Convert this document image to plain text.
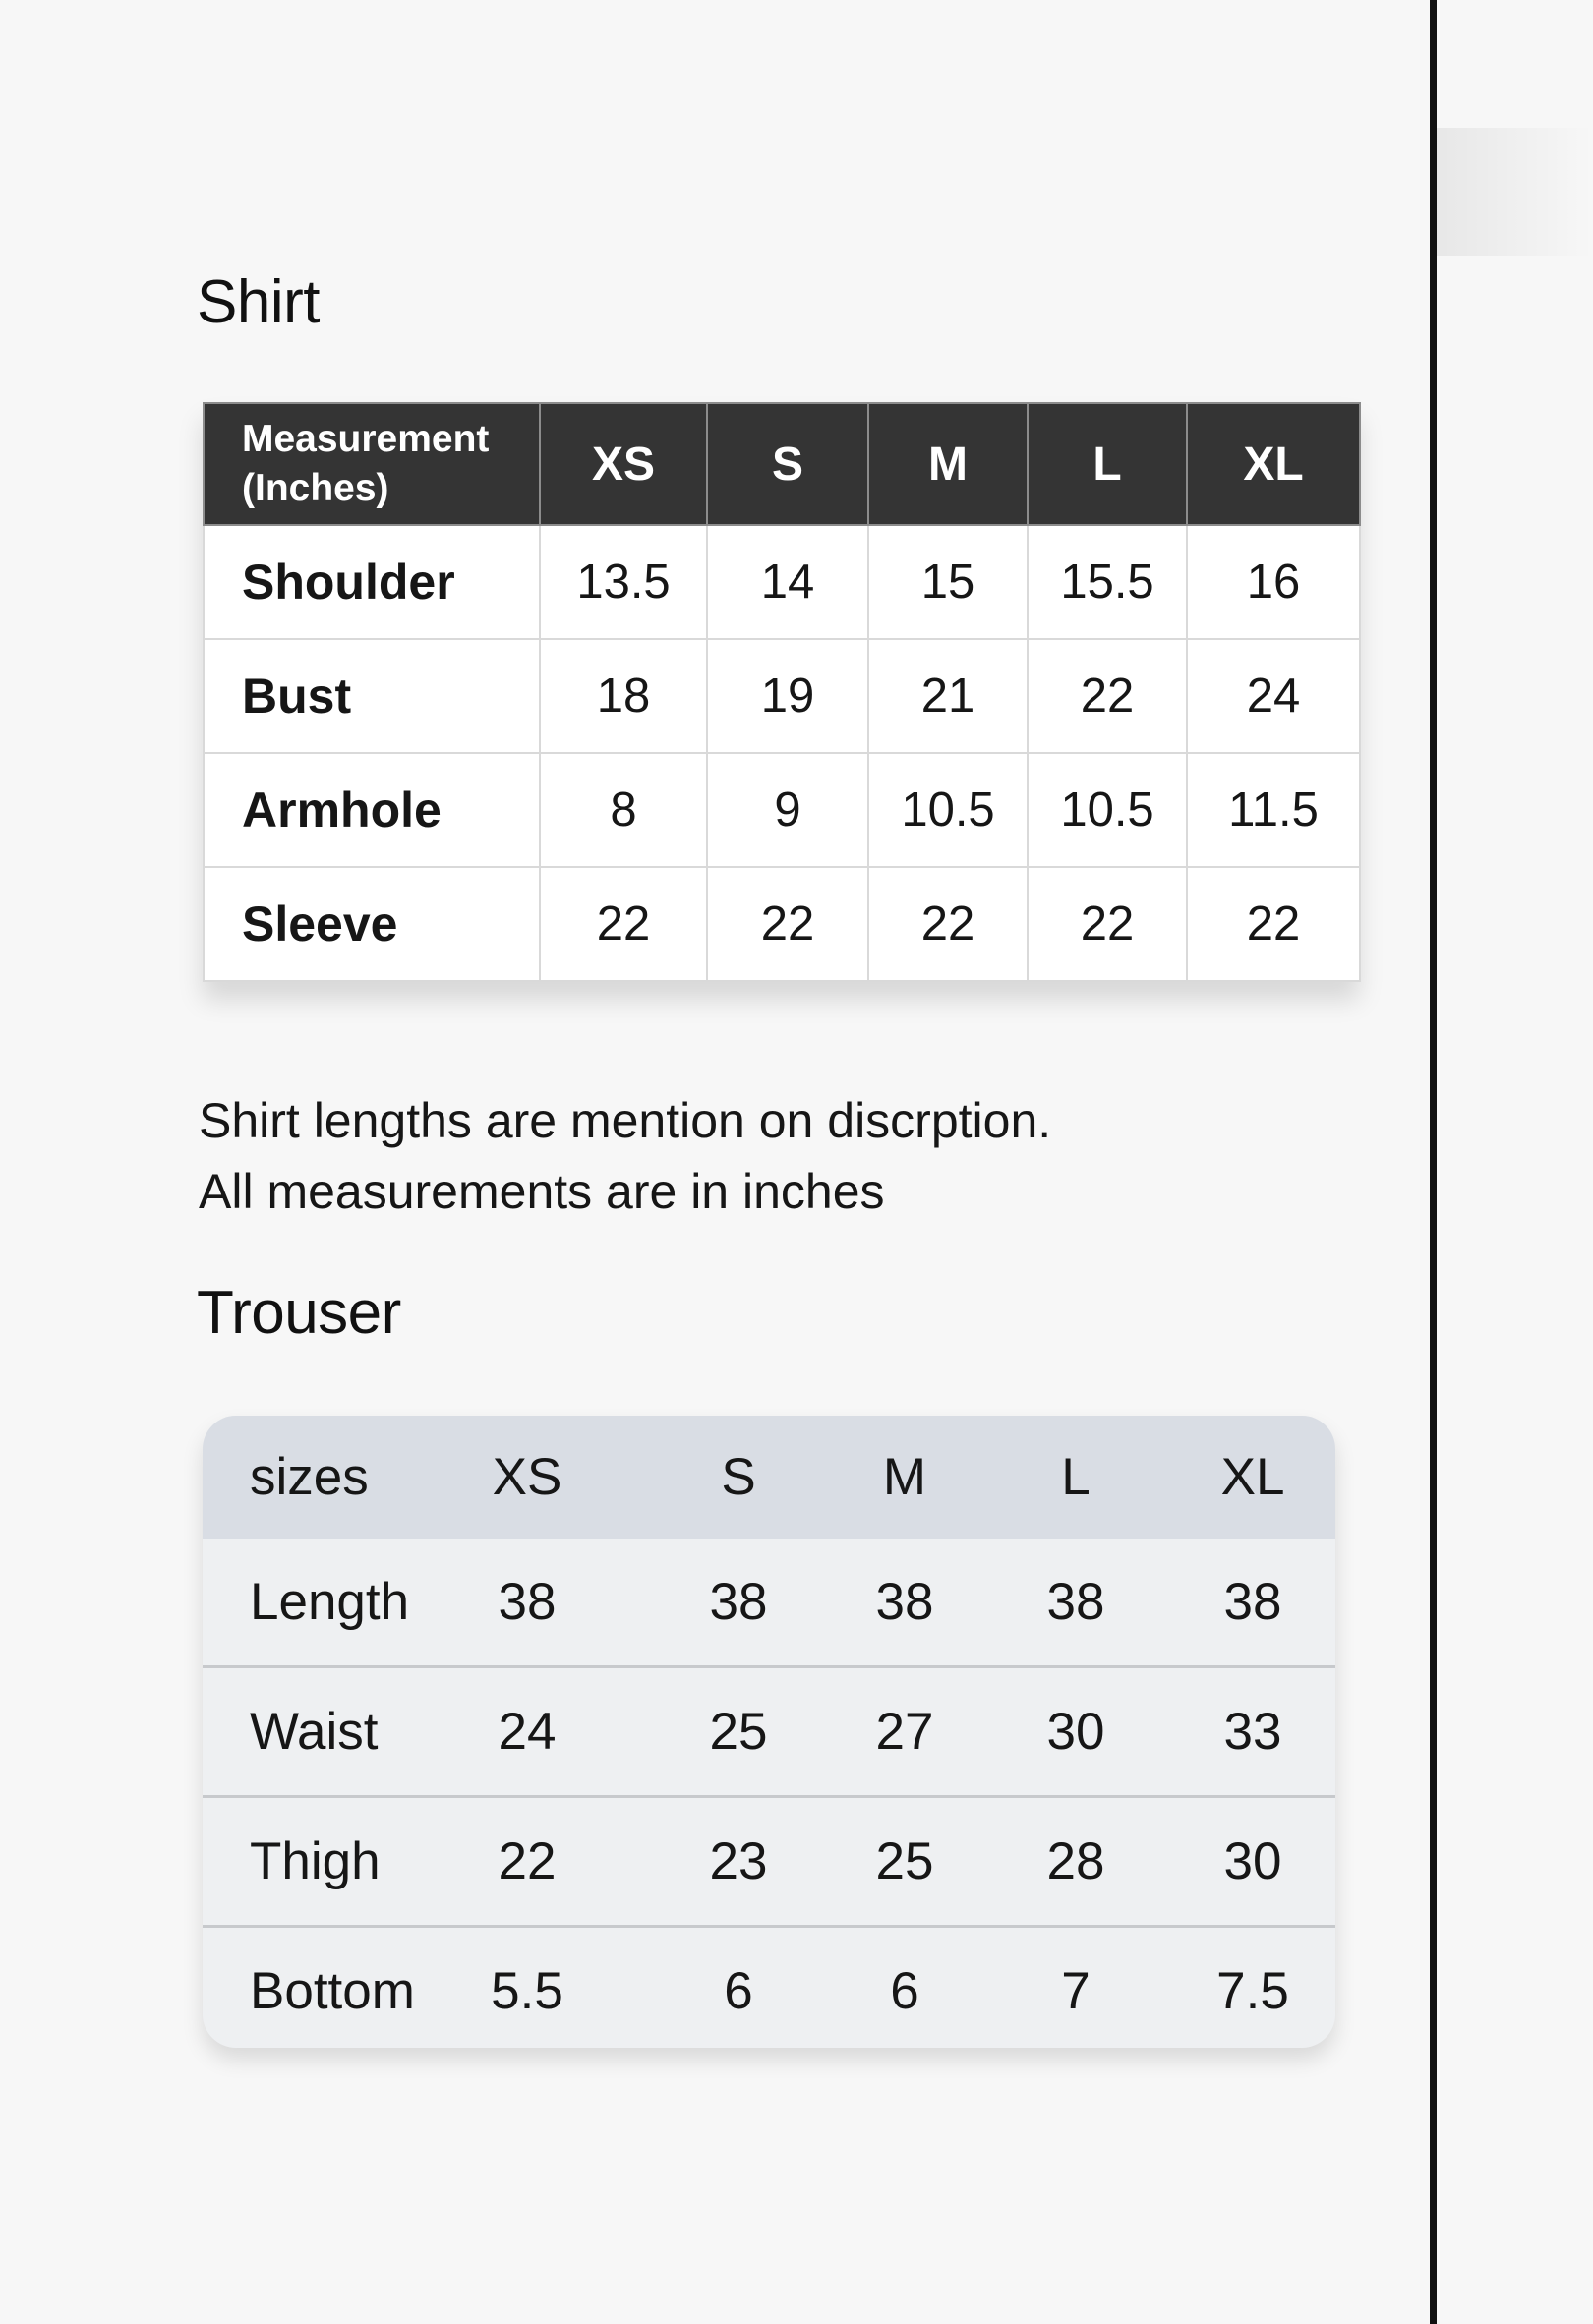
Shirt
Measurement
(Inches)	XS	S	M	L	XL
Shoulder	13.5	14	15	15.5	16
Bust	18	19	21	22	24
Armhole	8	9	10.5	10.5	11.5
Sleeve	22	22	22	22	22
Shirt lengths are mention on discrption.
All measurements are in inches
Trouser
sizes XS	S M	L	XL
Length 38	38 38 38 38
Waist 24	25 27 30 33
Thigh 22	23 25 28 30
Bottom 5.5	6	6	7 7.5
